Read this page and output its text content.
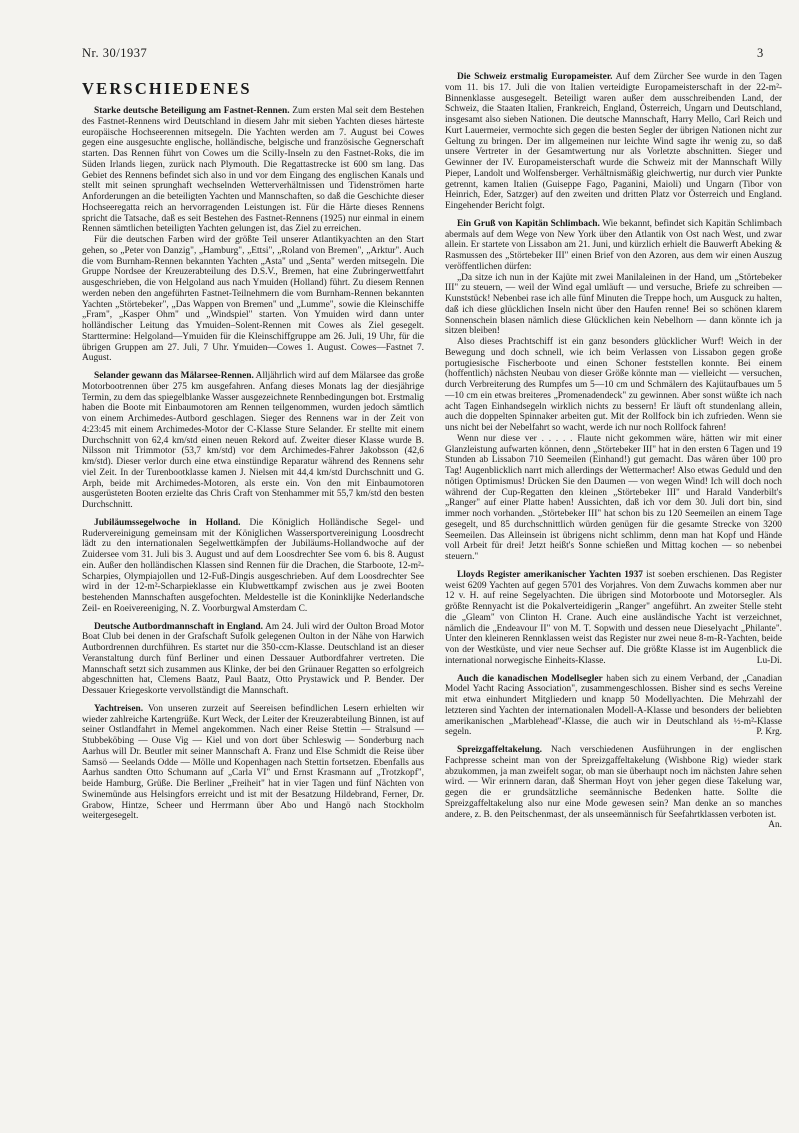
Nr. 30/1937	3
VERSCHIEDENES

Starke deutsche Beteiligung am Fastnet-Rennen. Zum ersten Mal seit dem Bestehen des Fastnet-Rennens wird Deutschland in diesem Jahr mit sieben Yachten dieses härteste europäische Hochseerennen mitsegeln. Die Yachten werden am 7. August bei Cowes gegen eine ausgesuchte englische, holländische, belgische und französische Gegnerschaft starten. Das Rennen führt von Cowes um die Scilly-Inseln zu den Fastnet-Roks, die im Süden Irlands liegen, zurück nach Plymouth. Die Regattastrecke ist 600 sm lang. Das Gebiet des Rennens befindet sich also in und vor dem Eingang des englischen Kanals und stellt mit seinen sprunghaft wechselnden Wetterverhältnissen und Tidenströmen harte Anforderungen an die beteiligten Yachten und Mannschaften, so daß die Geschichte dieser Hochseeregatta reich an hervorragenden Leistungen ist. Für die Härte dieses Rennens spricht die Tatsache, daß es seit Bestehen des Fastnet-Rennens (1925) nur einmal in einem Rennen sämtlichen beteiligten Yachten gelungen ist, das Ziel zu erreichen.

Für die deutschen Farben wird der größte Teil unserer Atlantikyachten an den Start gehen, so „Peter von Danzig", „Hamburg", „Ettsi", „Roland von Bremen", „Arktur". Auch die vom Burnham-Rennen bekannten Yachten „Asta" und „Senta" werden mitsegeln. Die Gruppe Nordsee der Kreuzerabteilung des D.S.V., Bremen, hat eine Zubringerwettfahrt ausgeschrieben, die von Helgoland aus nach Ymuiden (Holland) führt. Zu diesem Rennen werden neben den angeführten Fastnet-Teilnehmern die vom Burnham-Rennen bekannten Yachten „Störtebeker", „Das Wappen von Bremen" und „Lumme", sowie die Kleinschiffe „Fram", „Kasper Ohm" und „Windspiel" starten. Von Ymuiden wird dann unter holländischer Leitung das Ymuiden–Solent-Rennen mit Cowes als Ziel gesegelt. Starttermine: Helgoland—Ymuiden für die Kleinschiffgruppe am 26. Juli, 19 Uhr, für die übrigen Gruppen am 27. Juli, 7 Uhr. Ymuiden—Cowes 1. August. Cowes—Fastnet 7. August.

Selander gewann das Mälarsee-Rennen. Alljährlich wird auf dem Mälarsee das große Motorbootrennen über 275 km ausgefahren. Anfang dieses Monats lag der diesjährige Termin, zu dem das spiegelblanke Wasser ausgezeichnete Rennbedingungen bot. Erstmalig haben die Boote mit Einbaumotoren am Rennen teilgenommen, wurden jedoch sämtlich von einem Archimedes-Autbord geschlagen. Sieger des Rennens war in der Zeit von 4:23:45 mit einem Archimedes-Motor der C-Klasse Sture Selander. Er stellte mit einem Durchschnitt von 62,4 km/std einen neuen Rekord auf. Zweiter dieser Klasse wurde B. Nilsson mit Trimmotor (53,7 km/std) vor dem Archimedes-Fahrer Jakobsson (42,6 km/std). Dieser verlor durch eine etwa einstündige Reparatur während des Rennens sehr viel Zeit. In der Turenbootklasse kamen J. Nielsen mit 44,4 km/std Durchschnitt und G. Arph, beide mit Archimedes-Motoren, als erste ein. Von den mit Einbaumotoren ausgerüsteten Booten erzielte das Chris Craft von Stenhammer mit 55,7 km/std den besten Durchschnitt.

Jubiläumssegelwoche in Holland. Die Königlich Holländische Segel- und Rudervereinigung gemeinsam mit der Königlichen Wassersportvereinigung Loosdrecht lädt zu den internationalen Segelwettkämpfen der Jubiläums-Hollandwoche auf der Zuidersee vom 31. Juli bis 3. August und auf dem Loosdrechter See vom 6. bis 8. August ein. Außer den holländischen Klassen sind Rennen für die Drachen, die Starboote, 12-m²-Scharpies, Olympiajollen und 12-Fuß-Dingis ausgeschrieben. Auf dem Loosdrechter See wird in der 12-m²-Scharpieklasse ein Klubwettkampf zwischen aus je zwei Booten bestehenden Mannschaften ausgefochten. Meldestelle ist die Koninklijke Nederlandsche Zeil- en Roeivereeniging, N. Z. Voorburgwal Amsterdam C.

Deutsche Autbordmannschaft in England. Am 24. Juli wird der Oulton Broad Motor Boat Club bei denen in der Grafschaft Sufolk gelegenen Oulton in der Nähe von Harwich Autbordrennen durchführen. Es startet nur die 350-ccm-Klasse. Deutschland ist an dieser Veranstaltung durch fünf Berliner und einen Dessauer Autbordfahrer vertreten. Die Mannschaft setzt sich zusammen aus Klinke, der bei den Grünauer Regatten so erfolgreich abgeschnitten hat, Clemens Baatz, Paul Baatz, Otto Prystawick und P. Bender. Der Dessauer Kriegeskorte vervollständigt die Mannschaft.

Yachtreisen. Von unseren zurzeit auf Seereisen befindlichen Lesern erhielten wir wieder zahlreiche Kartengrüße. Kurt Weck, der Leiter der Kreuzerabteilung Binnen, ist auf seiner Ostlandfahrt in Memel angekommen. Nach einer Reise Stettin — Stralsund — Stubbeköbing — Ouse Vig — Kiel und von dort über Schleswig — Sonderburg nach Aarhus will Dr. Beutler mit seiner Mannschaft A. Franz und Else Schmidt die Reise über Samsö — Seelands Odde — Mölle und Kopenhagen nach Stettin fortsetzen. Ebenfalls aus Aarhus sandten Otto Schumann auf „Carla VI" und Ernst Krasmann auf „Trotzkopf", beide Hamburg, Grüße. Die Berliner „Freiheit" hat in vier Tagen und fünf Nächten von Swinemünde aus Helsingfors erreicht und ist mit der Besatzung Hildebrand, Ferner, Dr. Grabow, Hintze, Scheer und Herrmann über Abo und Hangö nach Stockholm weitergesegelt.

Die Schweiz erstmalig Europameister. Auf dem Zürcher See wurde in den Tagen vom 11. bis 17. Juli die von Italien verteidigte Europameisterschaft in der 22-m²-Binnenklasse ausgesegelt. Beteiligt waren außer dem ausschreibenden Land, der Schweiz, die Staaten Italien, Frankreich, England, Österreich, Ungarn und Deutschland, insgesamt also sieben Nationen. Die deutsche Mannschaft, Harry Mello, Carl Reich und Kurt Lauermeier, vermochte sich gegen die besten Segler der übrigen Nationen nicht zur Geltung zu bringen. Der im allgemeinen nur leichte Wind sagte ihr wenig zu, so daß unsere Vertreter in der Gesamtwertung nur als Vorletzte abschnitten. Sieger und Gewinner der IV. Europameisterschaft wurde die Schweiz mit der Mannschaft Willy Pieper, Landolt und Wolfensberger. Verhältnismäßig gleichwertig, nur durch vier Punkte getrennt, kamen Italien (Guiseppe Fago, Paganini, Maioli) und Ungarn (Tibor von Heinrich, Eder, Satzger) auf den zweiten und dritten Platz vor Österreich und England. Eingehender Bericht folgt.

Ein Gruß von Kapitän Schlimbach. Wie bekannt, befindet sich Kapitän Schlimbach abermals auf dem Wege von New York über den Atlantik von Ost nach West, und zwar allein. Er startete von Lissabon am 21. Juni, und kürzlich erhielt die Bauwerft Abeking & Rasmussen des „Störtebeker III" einen Brief von den Azoren, aus dem wir einen Auszug veröffentlichen dürfen:

„Da sitze ich nun in der Kajüte mit zwei Manilaleinen in der Hand, um „Störtebeker III" zu steuern, — weil der Wind egal umläuft — und versuche, Briefe zu schreiben — Kunststück! Nebenbei rase ich alle fünf Minuten die Treppe hoch, um Ausguck zu halten, daß ich diese glücklichen Inseln nicht über den Haufen renne! Bei so schönen klarem Sonnenschein blasen nämlich diese Glücklichen kein Nebelhorn — dann könnte ich ja sitzen bleiben!

Also dieses Prachtschiff ist ein ganz besonders glücklicher Wurf! Weich in der Bewegung und doch schnell, wie ich beim Verlassen von Lissabon gegen große portugiesische Fischerboote und einen Schoner feststellen konnte. Bei einem (hoffentlich) nächsten Neubau von dieser Größe könnte man — vielleicht — versuchen, durch Verbreiterung des Rumpfes um 5—10 cm und Schmälern des Kajütaufbaues um 5—10 cm ein etwas breiteres „Promenadendeck" zu gewinnen. Aber sonst wüßte ich nach acht Tagen Einhandsegeln wirklich nichts zu bessern! Er läuft oft stundenlang allein, auch die doppelten Spinnaker arbeiten gut. Mit der Rollfock bin ich zufrieden. Wenn sie uns nicht bei der Nebelfahrt so wacht, werde ich nur noch Rollfock fahren!

Wenn nur diese ver . . . . . Flaute nicht gekommen wäre, hätten wir mit einer Glanzleistung aufwarten können, denn „Störtebeker III" hat in den ersten 6 Tagen und 19 Stunden ab Lissabon 710 Seemeilen (Einhand!) gut gemacht. Das wären über 100 pro Tag! Augenblicklich narrt mich allerdings der Wettermacher! Also etwas Geduld und den nötigen Optimismus! Drücken Sie den Daumen — von wegen Wind! Ich will doch noch während der Cup-Regatten den kleinen „Störtebeker III" und Harald Vanderbilt's „Ranger" auf einer Platte haben! Aussichten, daß ich vor dem 30. Juli dort bin, sind immer noch vorhanden. „Störtebeker III" hat schon bis zu 120 Seemeilen an einem Tage gesegelt, und 85 durchschnittlich würden genügen für die gesamte Strecke von 3200 Seemeilen. Das Alleinsein ist übrigens nicht schlimm, denn man hat Kopf und Hände voll Arbeit für drei! Jetzt heißt's Sonne schießen und Mittag kochen — so nebenbei steuern."

Lloyds Register amerikanischer Yachten 1937 ist soeben erschienen. Das Register weist 6209 Yachten auf gegen 5701 des Vorjahres. Von dem Zuwachs kommen aber nur 12 v. H. auf reine Segelyachten. Die übrigen sind Motorboote und Motorsegler. Als größte Rennyacht ist die Pokalverteidigerin „Ranger" angeführt. An zweiter Stelle steht die „Gleam" von Clinton H. Crane. Auch eine ausländische Yacht ist verzeichnet, nämlich die „Endeavour II" von M. T. Sopwith und dessen neue Dieselyacht „Philante". Unter den kleineren Rennklassen weist das Register nur zwei neue 8-m-R-Yachten, beide von der Westküste, und vier neue Sechser auf. Die größte Klasse ist im Augenblick die international norwegische Einheits-Klasse.	Lu-Di.

Auch die kanadischen Modellsegler haben sich zu einem Verband, der „Canadian Model Yacht Racing Association", zusammengeschlossen. Bisher sind es sechs Vereine mit etwa einhundert Mitgliedern und knapp 50 Modellyachten. Die Mehrzahl der letzteren sind Yachten der internationalen Modell-A-Klasse und besonders der beliebten amerikanischen „Marblehead"-Klasse, die auch wir in Deutschland als ½-m²-Klasse segeln.	P. Krg.

Spreizgaffeltakelung. Nach verschiedenen Ausführungen in der englischen Fachpresse scheint man von der Spreizgaffeltakelung (Wishbone Rig) wieder stark abzukommen, ja man zweifelt sogar, ob man sie überhaupt noch im nächsten Jahre sehen wird. — Wir erinnern daran, daß Sherman Hoyt von jeher gegen diese Takelung war, gegen die er grundsätzliche seemännische Bedenken hatte. Sollte die Spreizgaffeltakelung also nur eine Mode gewesen sein? Man denke an so manches andere, z. B. den Peitschenmast, der als unseemännisch für Seefahrtklassen verboten ist.
An.
